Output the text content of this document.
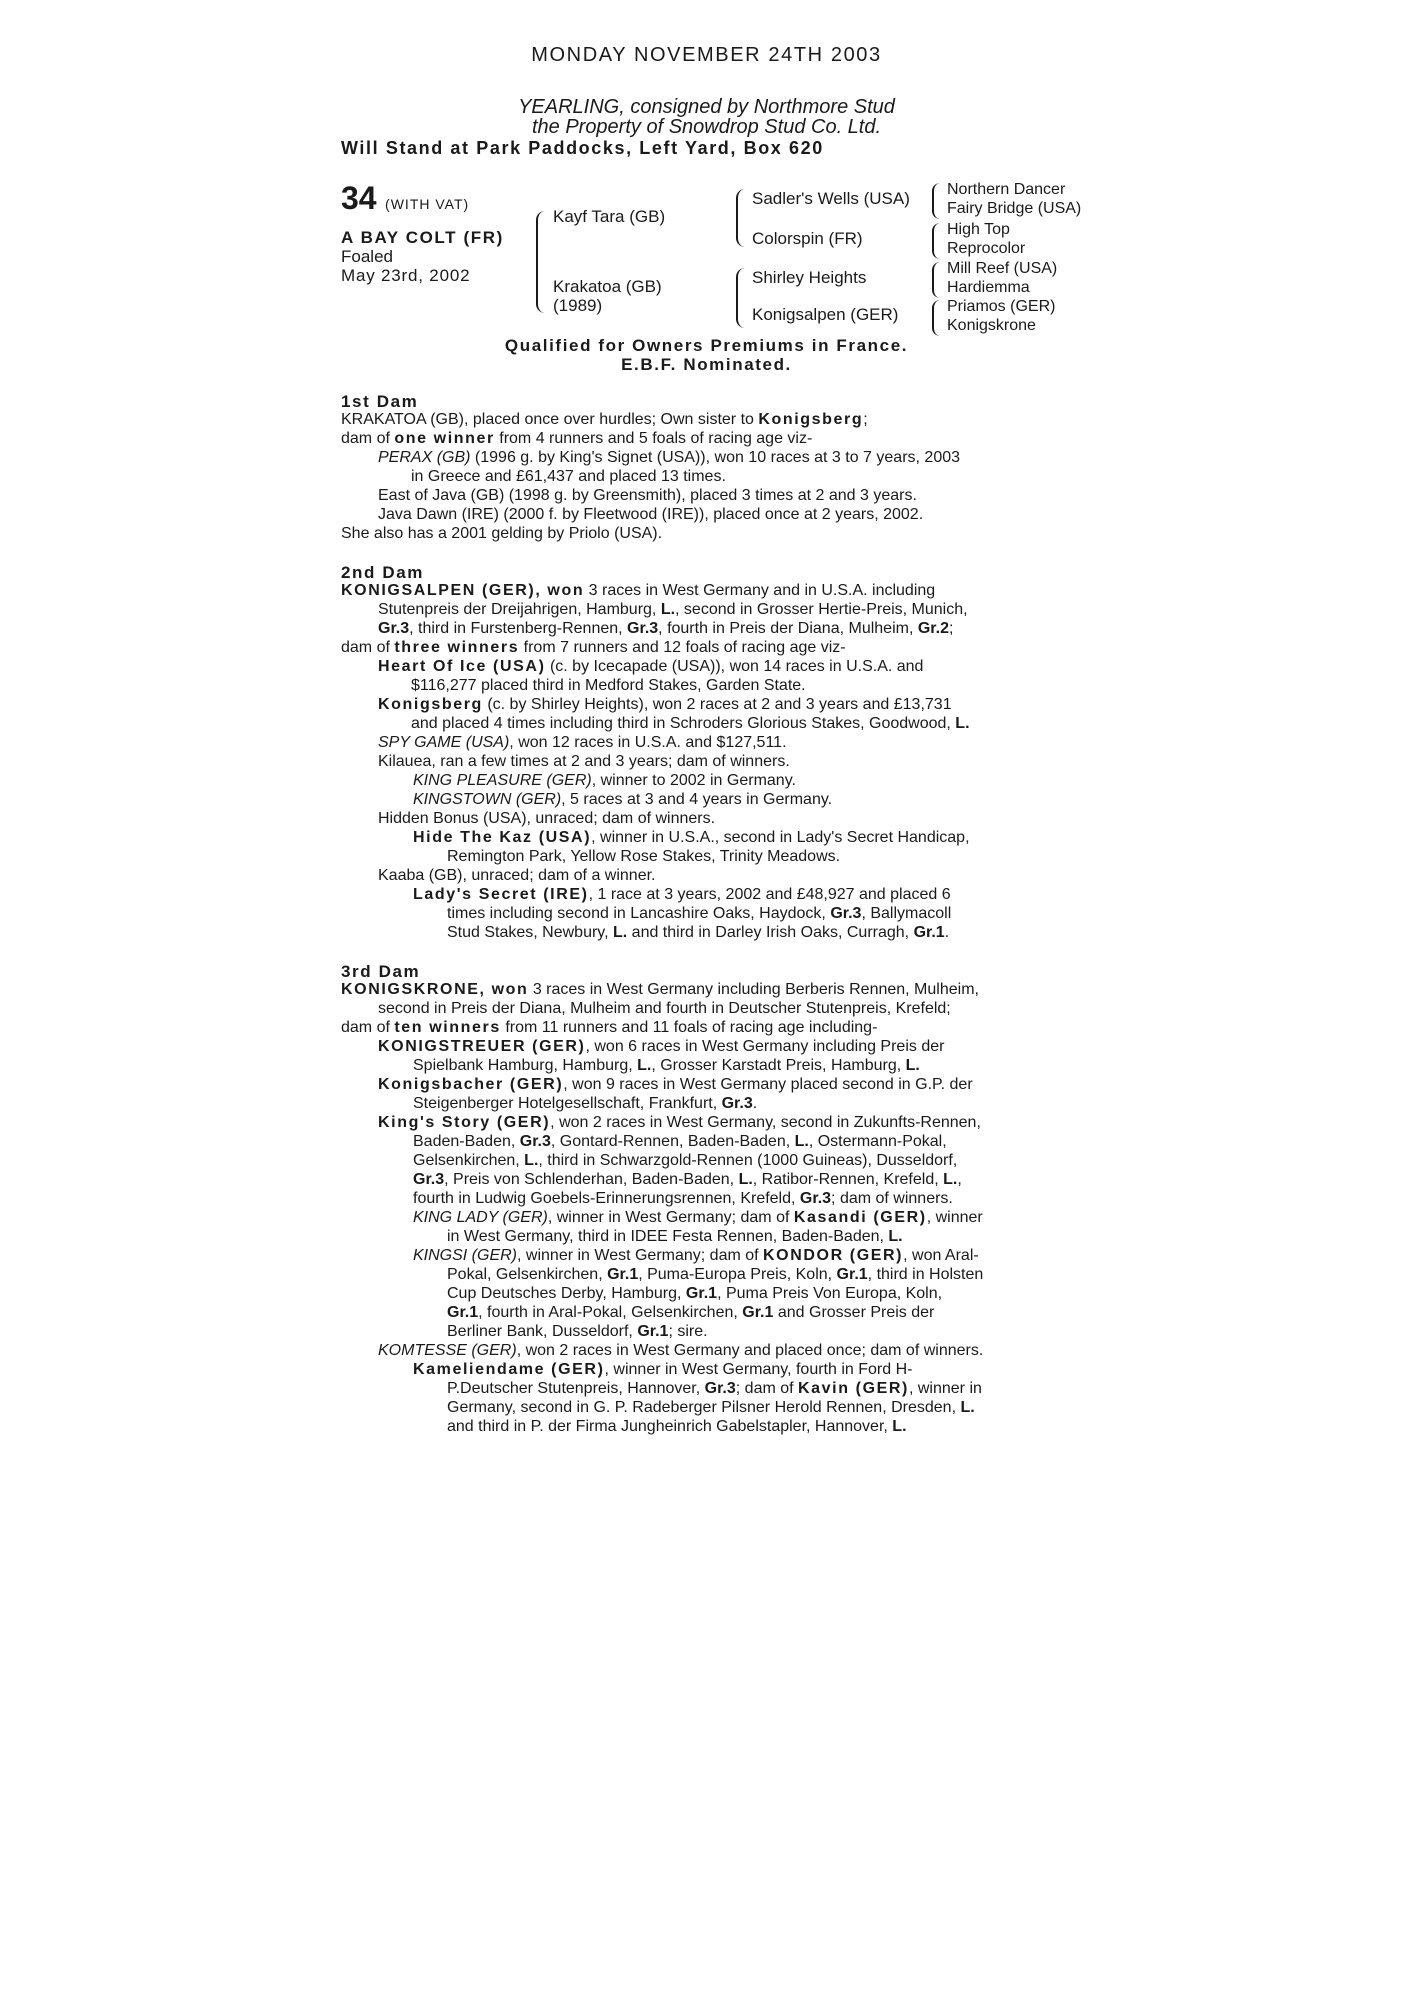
MONDAY NOVEMBER 24TH 2003
YEARLING, consigned by Northmore Stud
the Property of Snowdrop Stud Co. Ltd.
Will Stand at Park Paddocks, Left Yard, Box 620
34 (WITH VAT)
A BAY COLT (FR)
Foaled
May 23rd, 2002
Kayf Tara (GB)
Krakatoa (GB)
(1989)
Sadler's Wells (USA)
Colorspin (FR)
Shirley Heights
Konigsalpen (GER)
Northern Dancer
Fairy Bridge (USA)
High Top
Reprocolor
Mill Reef (USA)
Hardiemma
Priamos (GER)
Konigskrone
Qualified for Owners Premiums in France.
E.B.F. Nominated.
1st Dam
KRAKATOA (GB), placed once over hurdles; Own sister to Konigsberg;
dam of one winner from 4 runners and 5 foals of racing age viz-
PERAX (GB) (1996 g. by King's Signet (USA)), won 10 races at 3 to 7 years, 2003
in Greece and £61,437 and placed 13 times.
East of Java (GB) (1998 g. by Greensmith), placed 3 times at 2 and 3 years.
Java Dawn (IRE) (2000 f. by Fleetwood (IRE)), placed once at 2 years, 2002.
She also has a 2001 gelding by Priolo (USA).
2nd Dam
KONIGSALPEN (GER), won 3 races in West Germany and in U.S.A. including
Stutenpreis der Dreijahrigen, Hamburg, L., second in Grosser Hertie-Preis, Munich,
Gr.3, third in Furstenberg-Rennen, Gr.3, fourth in Preis der Diana, Mulheim, Gr.2;
dam of three winners from 7 runners and 12 foals of racing age viz-
Heart Of Ice (USA) (c. by Icecapade (USA)), won 14 races in U.S.A. and
$116,277 placed third in Medford Stakes, Garden State.
Konigsberg (c. by Shirley Heights), won 2 races at 2 and 3 years and £13,731
and placed 4 times including third in Schroders Glorious Stakes, Goodwood, L.
SPY GAME (USA), won 12 races in U.S.A. and $127,511.
Kilauea, ran a few times at 2 and 3 years; dam of winners.
KING PLEASURE (GER), winner to 2002 in Germany.
KINGSTOWN (GER), 5 races at 3 and 4 years in Germany.
Hidden Bonus (USA), unraced; dam of winners.
Hide The Kaz (USA), winner in U.S.A., second in Lady's Secret Handicap,
Remington Park, Yellow Rose Stakes, Trinity Meadows.
Kaaba (GB), unraced; dam of a winner.
Lady's Secret (IRE), 1 race at 3 years, 2002 and £48,927 and placed 6
times including second in Lancashire Oaks, Haydock, Gr.3, Ballymacoll
Stud Stakes, Newbury, L. and third in Darley Irish Oaks, Curragh, Gr.1.
3rd Dam
KONIGSKRONE, won 3 races in West Germany including Berberis Rennen, Mulheim,
second in Preis der Diana, Mulheim and fourth in Deutscher Stutenpreis, Krefeld;
dam of ten winners from 11 runners and 11 foals of racing age including-
KONIGSTREUER (GER), won 6 races in West Germany including Preis der
Spielbank Hamburg, Hamburg, L., Grosser Karstadt Preis, Hamburg, L.
Konigsbacher (GER), won 9 races in West Germany placed second in G.P. der
Steigenberger Hotelgesellschaft, Frankfurt, Gr.3.
King's Story (GER), won 2 races in West Germany, second in Zukunfts-Rennen,
Baden-Baden, Gr.3, Gontard-Rennen, Baden-Baden, L., Ostermann-Pokal,
Gelsenkirchen, L., third in Schwarzgold-Rennen (1000 Guineas), Dusseldorf,
Gr.3, Preis von Schlenderhan, Baden-Baden, L., Ratibor-Rennen, Krefeld, L.,
fourth in Ludwig Goebels-Erinnerungsrennen, Krefeld, Gr.3; dam of winners.
KING LADY (GER), winner in West Germany; dam of Kasandi (GER), winner
in West Germany, third in IDEE Festa Rennen, Baden-Baden, L.
KINGSI (GER), winner in West Germany; dam of KONDOR (GER), won Aral-
Pokal, Gelsenkirchen, Gr.1, Puma-Europa Preis, Koln, Gr.1, third in Holsten
Cup Deutsches Derby, Hamburg, Gr.1, Puma Preis Von Europa, Koln,
Gr.1, fourth in Aral-Pokal, Gelsenkirchen, Gr.1 and Grosser Preis der
Berliner Bank, Dusseldorf, Gr.1; sire.
KOMTESSE (GER), won 2 races in West Germany and placed once; dam of winners.
Kameliendame (GER), winner in West Germany, fourth in Ford H-
P.Deutscher Stutenpreis, Hannover, Gr.3; dam of Kavin (GER), winner in
Germany, second in G. P. Radeberger Pilsner Herold Rennen, Dresden, L.
and third in P. der Firma Jungheinrich Gabelstapler, Hannover, L.
